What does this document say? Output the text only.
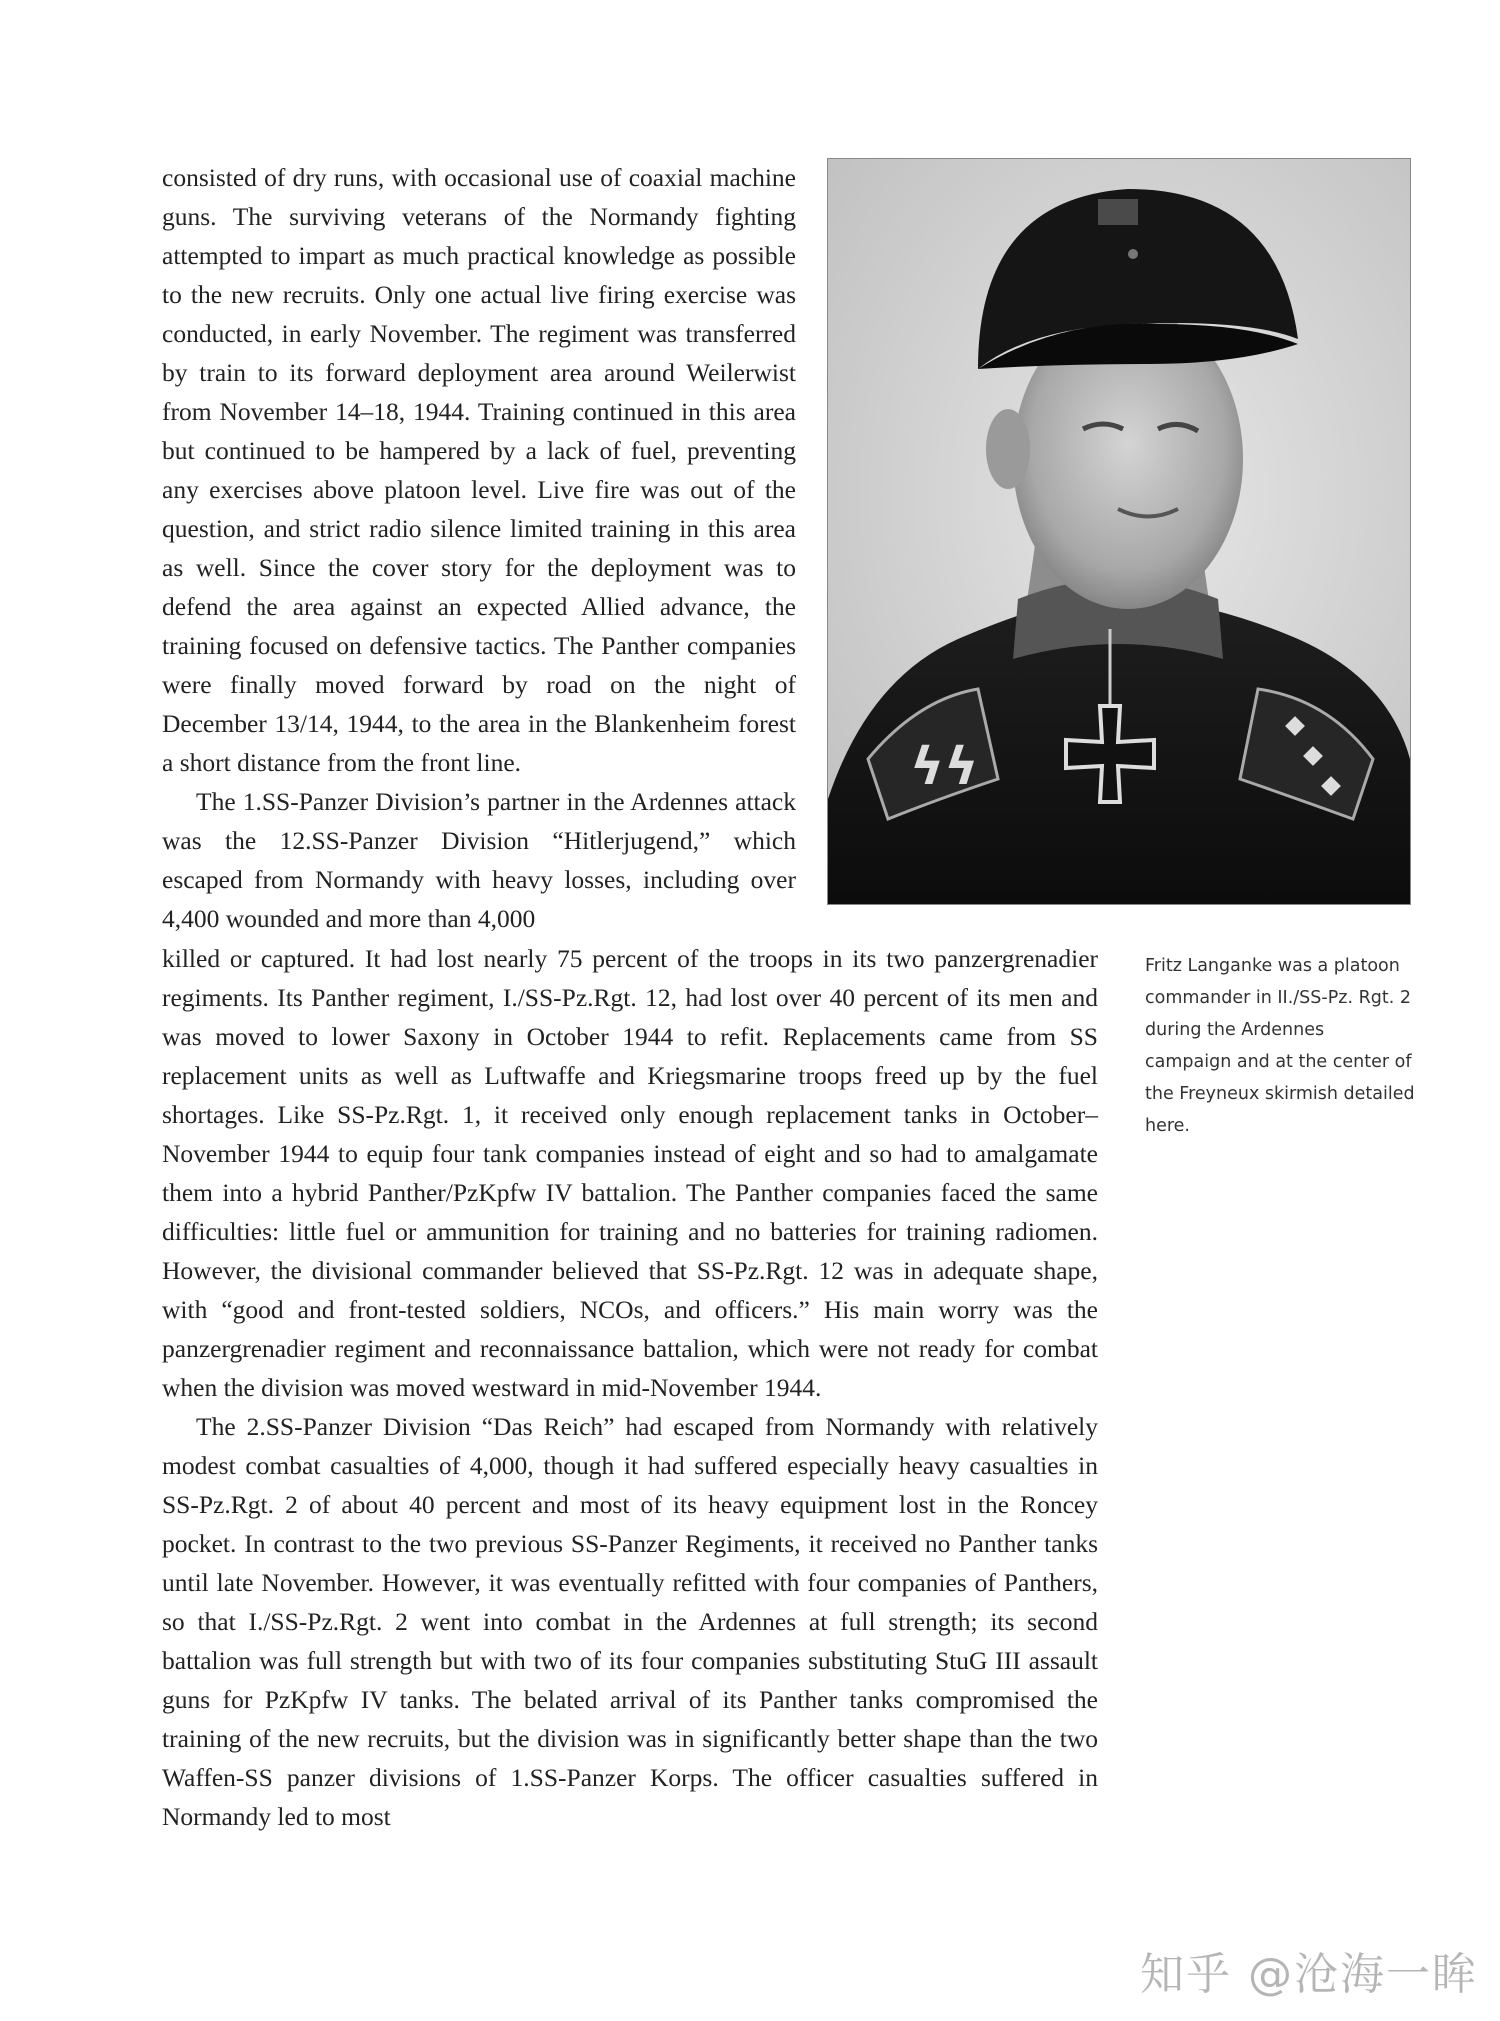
consisted of dry runs, with occasional use of coaxial machine guns. The surviving veterans of the Normandy fighting attempted to impart as much practical knowledge as possible to the new recruits. Only one actual live firing exercise was conducted, in early November. The regiment was transferred by train to its forward deployment area around Weilerwist from November 14–18, 1944. Training continued in this area but continued to be hampered by a lack of fuel, preventing any exercises above platoon level. Live fire was out of the question, and strict radio silence limited training in this area as well. Since the cover story for the deployment was to defend the area against an expected Allied advance, the training focused on defensive tactics. The Panther companies were finally moved forward by road on the night of December 13/14, 1944, to the area in the Blankenheim forest a short distance from the front line.

The 1.SS-Panzer Division’s partner in the Ardennes attack was the 12.SS-Panzer Division “Hitlerjugend,” which escaped from Normandy with heavy losses, including over 4,400 wounded and more than 4,000

ϟϟ
Fritz Langanke was a platoon commander in II./SS-Pz. Rgt. 2 during the Ardennes campaign and at the center of the Freyneux skirmish detailed here.

killed or captured. It had lost nearly 75 percent of the troops in its two panzergrenadier regiments. Its Panther regiment, I./SS-Pz.Rgt. 12, had lost over 40 percent of its men and was moved to lower Saxony in October 1944 to refit. Replacements came from SS replacement units as well as Luftwaffe and Kriegsmarine troops freed up by the fuel shortages. Like SS-Pz.Rgt. 1, it received only enough replacement tanks in October–November 1944 to equip four tank companies instead of eight and so had to amalgamate them into a hybrid Panther/PzKpfw IV battalion. The Panther companies faced the same difficulties: little fuel or ammunition for training and no batteries for training radiomen. However, the divisional commander believed that SS-Pz.Rgt. 12 was in adequate shape, with “good and front-tested soldiers, NCOs, and officers.” His main worry was the panzergrenadier regiment and reconnaissance battalion, which were not ready for combat when the division was moved westward in mid-November 1944.

The 2.SS-Panzer Division “Das Reich” had escaped from Normandy with relatively modest combat casualties of 4,000, though it had suffered especially heavy casualties in SS-Pz.Rgt. 2 of about 40 percent and most of its heavy equipment lost in the Roncey pocket. In contrast to the two previous SS-Panzer Regiments, it received no Panther tanks until late November. However, it was eventually refitted with four companies of Panthers, so that I./SS-Pz.Rgt. 2 went into combat in the Ardennes at full strength; its second battalion was full strength but with two of its four companies substituting StuG III assault guns for PzKpfw IV tanks. The belated arrival of its Panther tanks compromised the training of the new recruits, but the division was in significantly better shape than the two Waffen-SS panzer divisions of 1.SS-Panzer Korps. The officer casualties suffered in Normandy led to most

知乎 @沧海一眸
